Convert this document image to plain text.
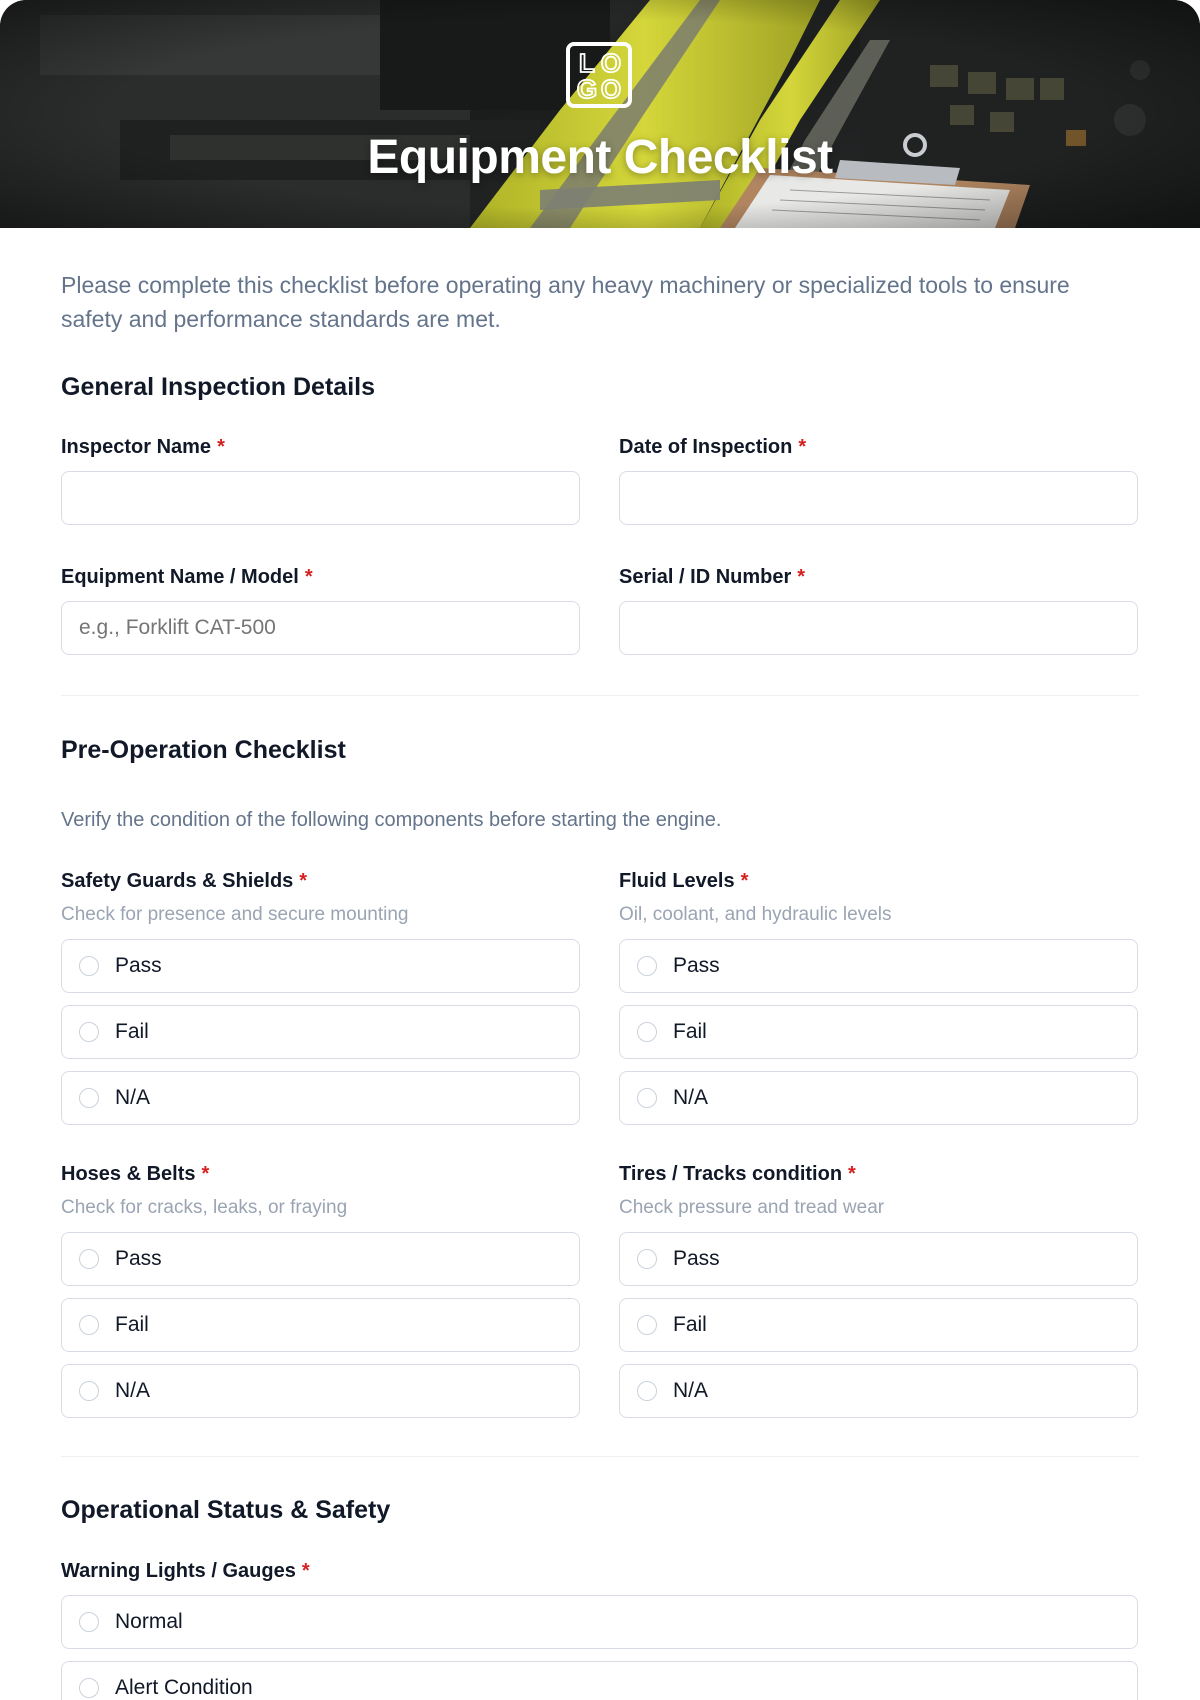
L O
G O
Equipment Checklist
Please complete this checklist before operating any heavy machinery or specialized tools to ensure safety and performance standards are met.
General Inspection Details
Inspector Name *	Date of Inspection *
Equipment Name / Model *
e.g., Forklift CAT-500	Serial / ID Number *
Pre-Operation Checklist
Verify the condition of the following components before starting the engine.
Safety Guards & Shields *
Check for presence and secure mounting
Pass
Fail
N/A
Fluid Levels *
Oil, coolant, and hydraulic levels
Pass
Fail
N/A
Hoses & Belts *
Check for cracks, leaks, or fraying
Pass
Fail
N/A
Tires / Tracks condition *
Check pressure and tread wear
Pass
Fail
N/A
Operational Status & Safety
Warning Lights / Gauges *
Normal
Alert Condition
